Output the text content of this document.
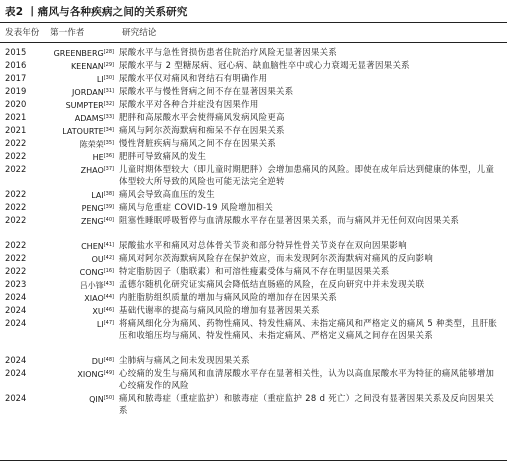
表2 丨痛风与各种疾病之间的关系研究
发表年份 第一作者	研究结论
2015	GREENBERG[28] 尿酸水平与急性肾损伤患者住院治疗风险无显著因果关系
2016	KEENAN[29] 尿酸水平与 2 型糖尿病、冠心病、缺血脑性卒中或心力衰竭无显著因果关系
2017	LI[30] 尿酸水平仅对痛风和肾结石有明确作用
2019	JORDAN[31] 尿酸水平与慢性肾病之间不存在显著因果关系
2020	SUMPTER[32] 尿酸水平对各种合并症没有因果作用
2021	ADAMS[33] 肥胖和高尿酸水平会使得痛风发病风险更高
2021	LATOURTE[34] 痛风与阿尔茨海默病和痴呆不存在因果关系
2022	陈荣荣[35] 慢性肾脏疾病与痛风之间不存在因果关系
2022	HE[36] 肥胖可导致痛风的发生
2022	ZHAO[37] 儿童时期体型较大（即儿童时期肥胖）会增加患痛风的风险。即使在成年后达到健康的体型，儿童体型较大所导致的风险也可能无法完全逆转
2022	LAI[38] 痛风会导致高血压的发生
2022	PENG[39] 痛风与危重症 COVID-19 风险增加相关
2022	ZENG[40] 阻塞性睡眠呼吸暂停与血清尿酸水平存在显著因果关系，而与痛风并无任何双向因果关系
2022	CHEN[41] 尿酸盐水平和痛风对总体骨关节炎和部分特异性骨关节炎存在双向因果影响
2022	OU[42] 痛风对阿尔茨海默病风险存在保护效应，而未发现阿尔茨海默病对痛风的反向影响
2022	CONG[16] 特定脂肪因子（脂联素）和可溶性瘦素受体与痛风不存在明显因果关系
2023	吕小锋[43] 孟德尔随机化研究证实痛风会降低结直肠癌的风险，在反向研究中并未发现关联
2024	XIAO[44] 内脏脂肪组织质量的增加与痛风风险的增加存在因果关系
2024	XU[46] 基础代谢率的提高与痛风风险的增加有显著因果关系
2024	LI[47] 将痛风细化分为痛风、药物性痛风、特发性痛风、未指定痛风和严格定义的痛风 5 种类型，且肝胀压和收缩压均与痛风、特发性痛风、未指定痛风、严格定义痛风之间存在因果关系
2024	DU[48] 尘肺病与痛风之间未发现因果关系
2024	XIONG[49] 心绞痛的发生与痛风和血清尿酸水平存在显著相关性，认为以高血尿酸水平为特征的痛风能够增加心绞痛发作的风险
2024	QIN[50] 痛风和脓毒症（重症监护）和脓毒症（重症监护 28 d 死亡）之间没有显著因果关系及反向因果关系
